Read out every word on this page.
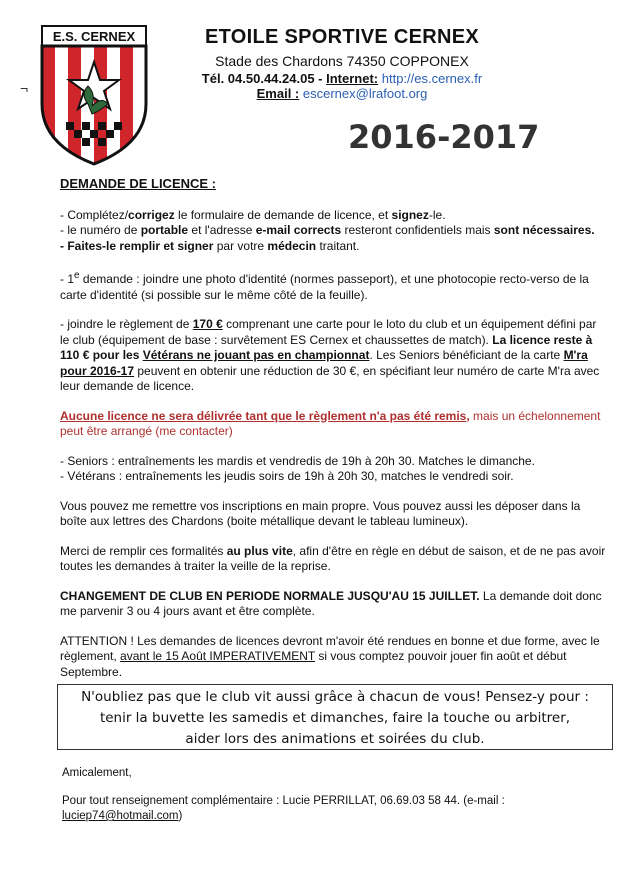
E.S. CERNEX
¬
ETOILE SPORTIVE CERNEX
Stade des Chardons 74350 COPPONEX
Tél. 04.50.44.24.05 - Internet: http://es.cernex.fr
Email : escernex@lrafoot.org
2016-2017

DEMANDE DE LICENCE :

- Complétez/corrigez le formulaire de demande de licence, et signez-le.
- le numéro de portable et l'adresse e-mail corrects resteront confidentiels mais sont nécessaires.
- Faites-le remplir et signer par votre médecin traitant.

- 1e demande : joindre une photo d'identité (normes passeport), et une photocopie recto-verso de la carte d'identité (si possible sur le même côté de la feuille).

- joindre le règlement de 170 € comprenant une carte pour le loto du club et un équipement défini par le club (équipement de base : survêtement ES Cernex et chaussettes de match). La licence reste à 110 € pour les Vétérans ne jouant pas en championnat. Les Seniors bénéficiant de la carte M'ra pour 2016-17 peuvent en obtenir une réduction de 30 €, en spécifiant leur numéro de carte M'ra avec leur demande de licence.

Aucune licence ne sera délivrée tant que le règlement n'a pas été remis, mais un échelonnement peut être arrangé (me contacter)

- Seniors : entraînements les mardis et vendredis de 19h à 20h 30. Matches le dimanche.
- Vétérans : entraînements les jeudis soirs de 19h à 20h 30, matches le vendredi soir.

Vous pouvez me remettre vos inscriptions en main propre. Vous pouvez aussi les déposer dans la boîte aux lettres des Chardons (boite métallique devant le tableau lumineux).

Merci de remplir ces formalités au plus vite, afin d'être en règle en début de saison, et de ne pas avoir toutes les demandes à traiter la veille de la reprise.

CHANGEMENT DE CLUB EN PERIODE NORMALE JUSQU'AU 15 JUILLET. La demande doit donc me parvenir 3 ou 4 jours avant et être complète.

ATTENTION ! Les demandes de licences devront m'avoir été rendues en bonne et due forme, avec le règlement, avant le 15 Août IMPERATIVEMENT si vous comptez pouvoir jouer fin août et début Septembre.

N'oubliez pas que le club vit aussi grâce à chacun de vous! Pensez-y pour :
tenir la buvette les samedis et dimanches, faire la touche ou arbitrer,
aider lors des animations et soirées du club.
Amicalement,
Pour tout renseignement complémentaire : Lucie PERRILLAT, 06.69.03 58 44. (e-mail :
luciep74@hotmail.com)
